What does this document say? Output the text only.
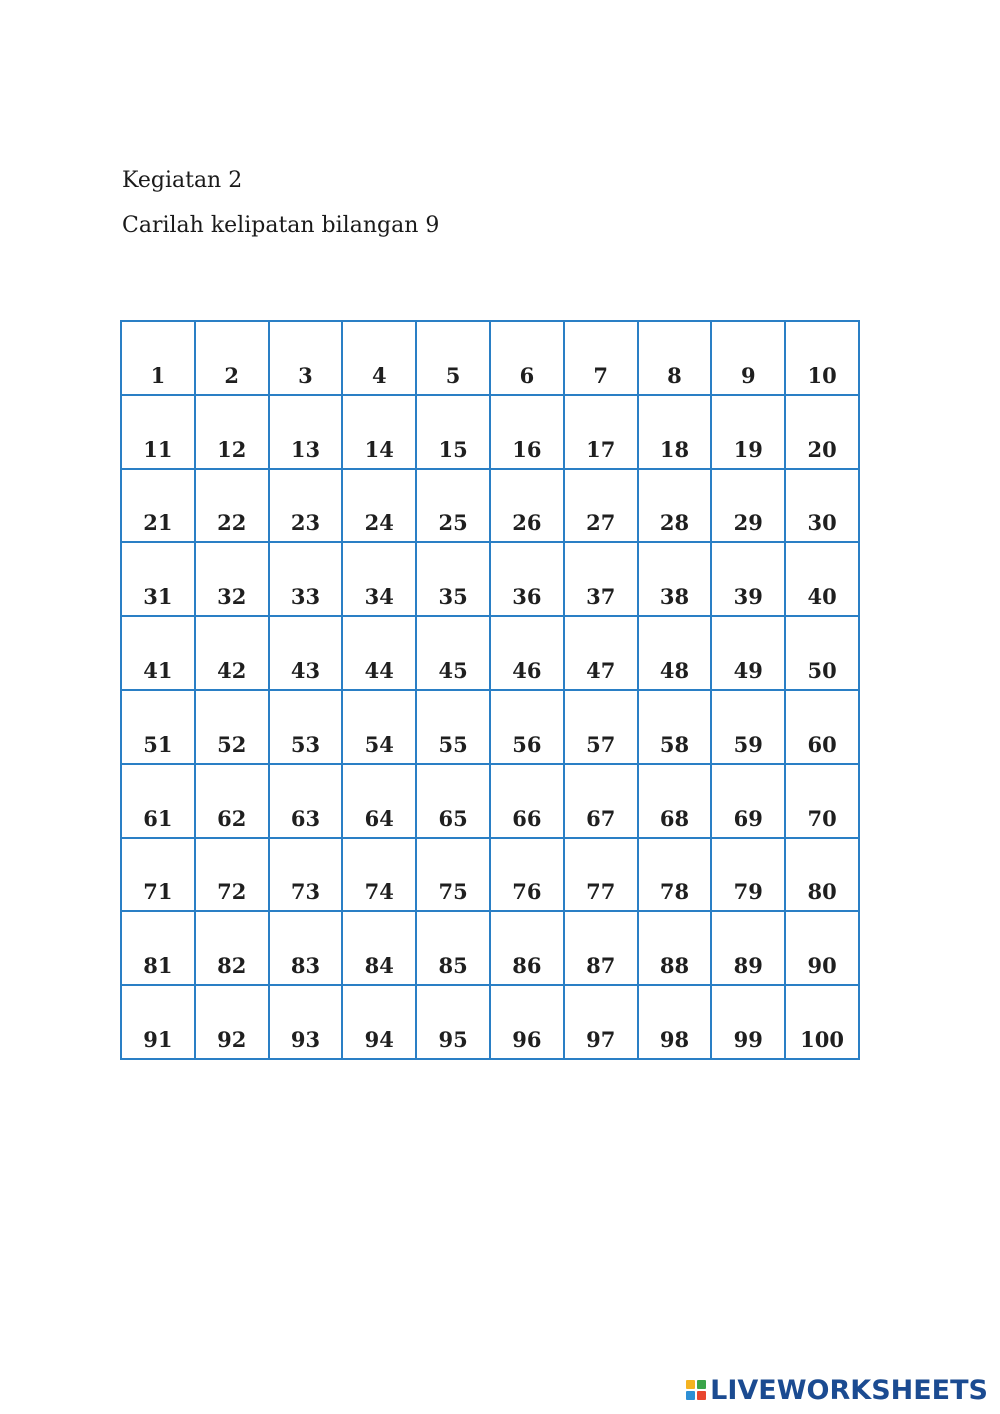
Kegiatan 2
Carilah kelipatan bilangan 9
1	2	3	4	5	6	7	8	9	10
11	12	13	14	15	16	17	18	19	20
21	22	23	24	25	26	27	28	29	30
31	32	33	34	35	36	37	38	39	40
41	42	43	44	45	46	47	48	49	50
51	52	53	54	55	56	57	58	59	60
61	62	63	64	65	66	67	68	69	70
71	72	73	74	75	76	77	78	79	80
81	82	83	84	85	86	87	88	89	90
91	92	93	94	95	96	97	98	99	100
LIVEWORKSHEETS
